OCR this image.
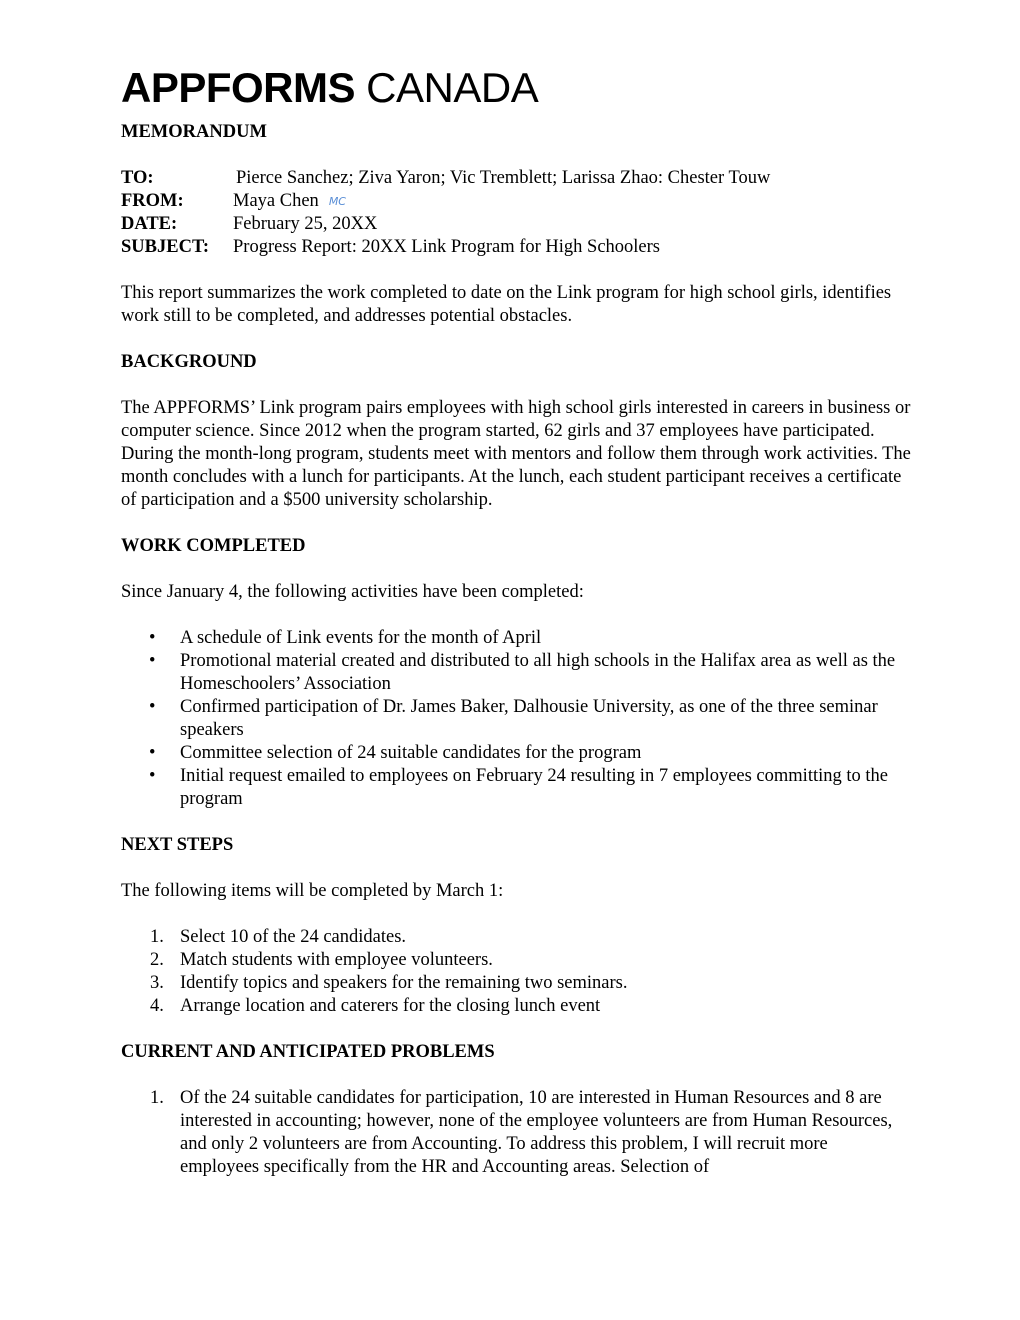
APPFORMS CANADA
MEMORANDUM
TO:	Pierce Sanchez; Ziva Yaron; Vic Tremblett; Larissa Zhao: Chester Touw
FROM:	Maya Chen MC
DATE:	February 25, 20XX
SUBJECT:	Progress Report: 20XX Link Program for High Schoolers
This report summarizes the work completed to date on the Link program for high school girls, identifies work still to be completed, and addresses potential obstacles.
BACKGROUND
The APPFORMS’ Link program pairs employees with high school girls interested in careers in business or computer science. Since 2012 when the program started, 62 girls and 37 employees have participated. During the month-long program, students meet with mentors and follow them through work activities. The month concludes with a lunch for participants. At the lunch, each student participant receives a certificate of participation and a $500 university scholarship.
WORK COMPLETED
Since January 4, the following activities have been completed:
• A schedule of Link events for the month of April
• Promotional material created and distributed to all high schools in the Halifax area as well as the Homeschoolers’ Association
• Confirmed participation of Dr. James Baker, Dalhousie University, as one of the three seminar speakers
• Committee selection of 24 suitable candidates for the program
• Initial request emailed to employees on February 24 resulting in 7 employees committing to the program
NEXT STEPS
The following items will be completed by March 1:
1. Select 10 of the 24 candidates.
2. Match students with employee volunteers.
3. Identify topics and speakers for the remaining two seminars.
4. Arrange location and caterers for the closing lunch event
CURRENT AND ANTICIPATED PROBLEMS
1. Of the 24 suitable candidates for participation, 10 are interested in Human Resources and 8 are interested in accounting; however, none of the employee volunteers are from Human Resources, and only 2 volunteers are from Accounting. To address this problem, I will recruit more employees specifically from the HR and Accounting areas. Selection of
